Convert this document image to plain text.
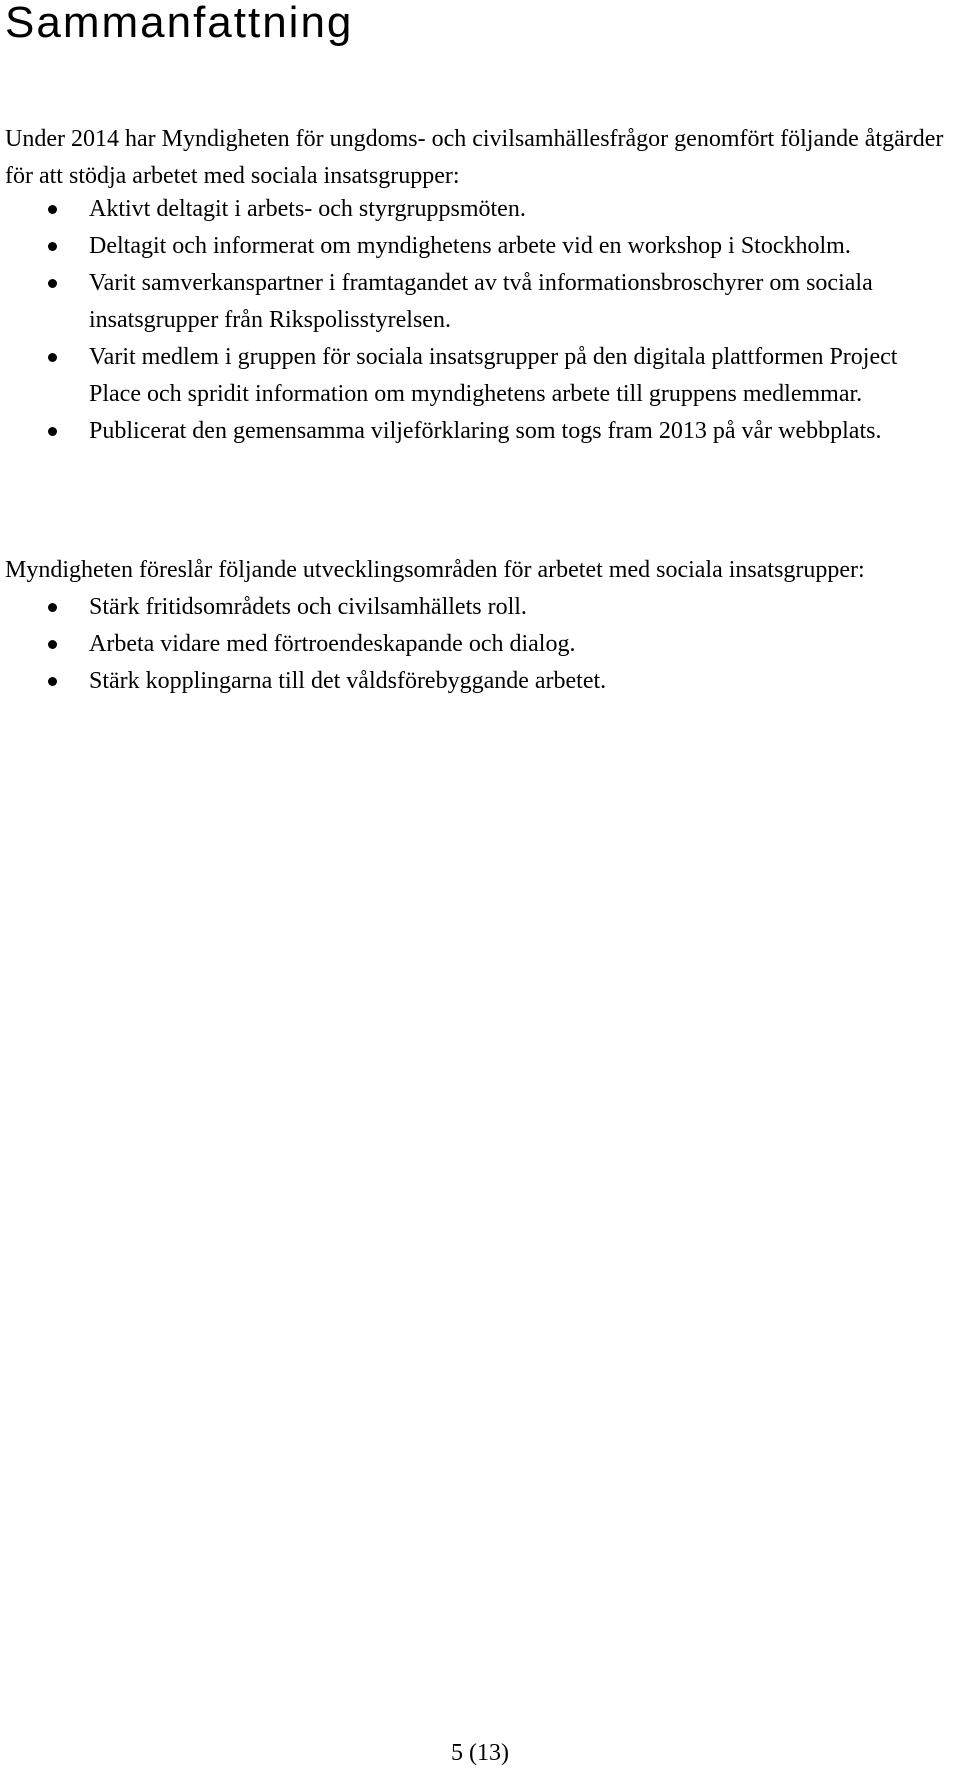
Sammanfattning

Under 2014 har Myndigheten för ungdoms- och civilsamhällesfrågor genomfört följande åtgärder för att stödja arbetet med sociala insatsgrupper:

Aktivt deltagit i arbets- och styrgruppsmöten.
Deltagit och informerat om myndighetens arbete vid en workshop i Stockholm.
Varit samverkanspartner i framtagandet av två informationsbroschyrer om sociala insatsgrupper från Rikspolisstyrelsen.
Varit medlem i gruppen för sociala insatsgrupper på den digitala plattformen Project Place och spridit information om myndighetens arbete till gruppens medlemmar.
Publicerat den gemensamma viljeförklaring som togs fram 2013 på vår webbplats.

Myndigheten föreslår följande utvecklingsområden för arbetet med sociala insatsgrupper:

Stärk fritidsområdets och civilsamhällets roll.
Arbeta vidare med förtroendeskapande och dialog.
Stärk kopplingarna till det våldsförebyggande arbetet.

5 (13)
